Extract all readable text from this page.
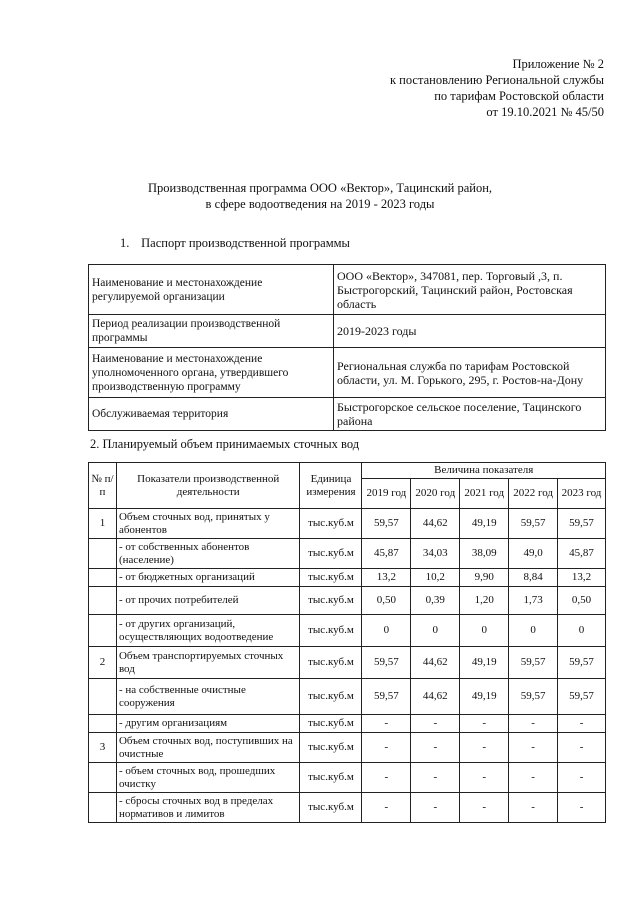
Приложение № 2
к постановлению Региональной службы
по тарифам Ростовской области
от 19.10.2021 № 45/50
Производственная программа ООО «Вектор», Тацинский район,
в сфере водоотведения на 2019 - 2023 годы
1. Паспорт производственной программы
Наименование и местонахождение регулируемой организации	ООО «Вектор», 347081, пер. Торговый ,3, п. Быстрогорский, Тацинский район, Ростовская область
Период реализации производственной программы	2019-2023 годы
Наименование и местонахождение уполномоченного органа, утвердившего производственную программу	Региональная служба по тарифам Ростовской области, ул. М. Горького, 295, г. Ростов-на-Дону
Обслуживаемая территория	Быстрогорское сельское поселение, Тацинского района
2. Планируемый объем принимаемых сточных вод
№ п/п	Показатели производственной деятельности	Единица измерения	Величина показателя				
			2019 год	2020 год	2021 год	2022 год	2023 год
1	Объем сточных вод, принятых у абонентов	тыс.куб.м	59,57	44,62	49,19	59,57	59,57
	- от собственных абонентов (население)	тыс.куб.м	45,87	34,03	38,09	49,0	45,87
	- от бюджетных организаций	тыс.куб.м	13,2	10,2	9,90	8,84	13,2
	- от прочих потребителей	тыс.куб.м	0,50	0,39	1,20	1,73	0,50
	- от других организаций, осуществляющих водоотведение	тыс.куб.м	0	0	0	0	0
2	Объем транспортируемых сточных вод	тыс.куб.м	59,57	44,62	49,19	59,57	59,57
	- на собственные очистные сооружения	тыс.куб.м	59,57	44,62	49,19	59,57	59,57
	- другим организациям	тыс.куб.м	-	-	-	-	-
3	Объем сточных вод, поступивших на очистные	тыс.куб.м	-	-	-	-	-
	- объем сточных вод, прошедших очистку	тыс.куб.м	-	-	-	-	-
	- сбросы сточных вод в пределах нормативов и лимитов	тыс.куб.м	-	-	-	-	-
